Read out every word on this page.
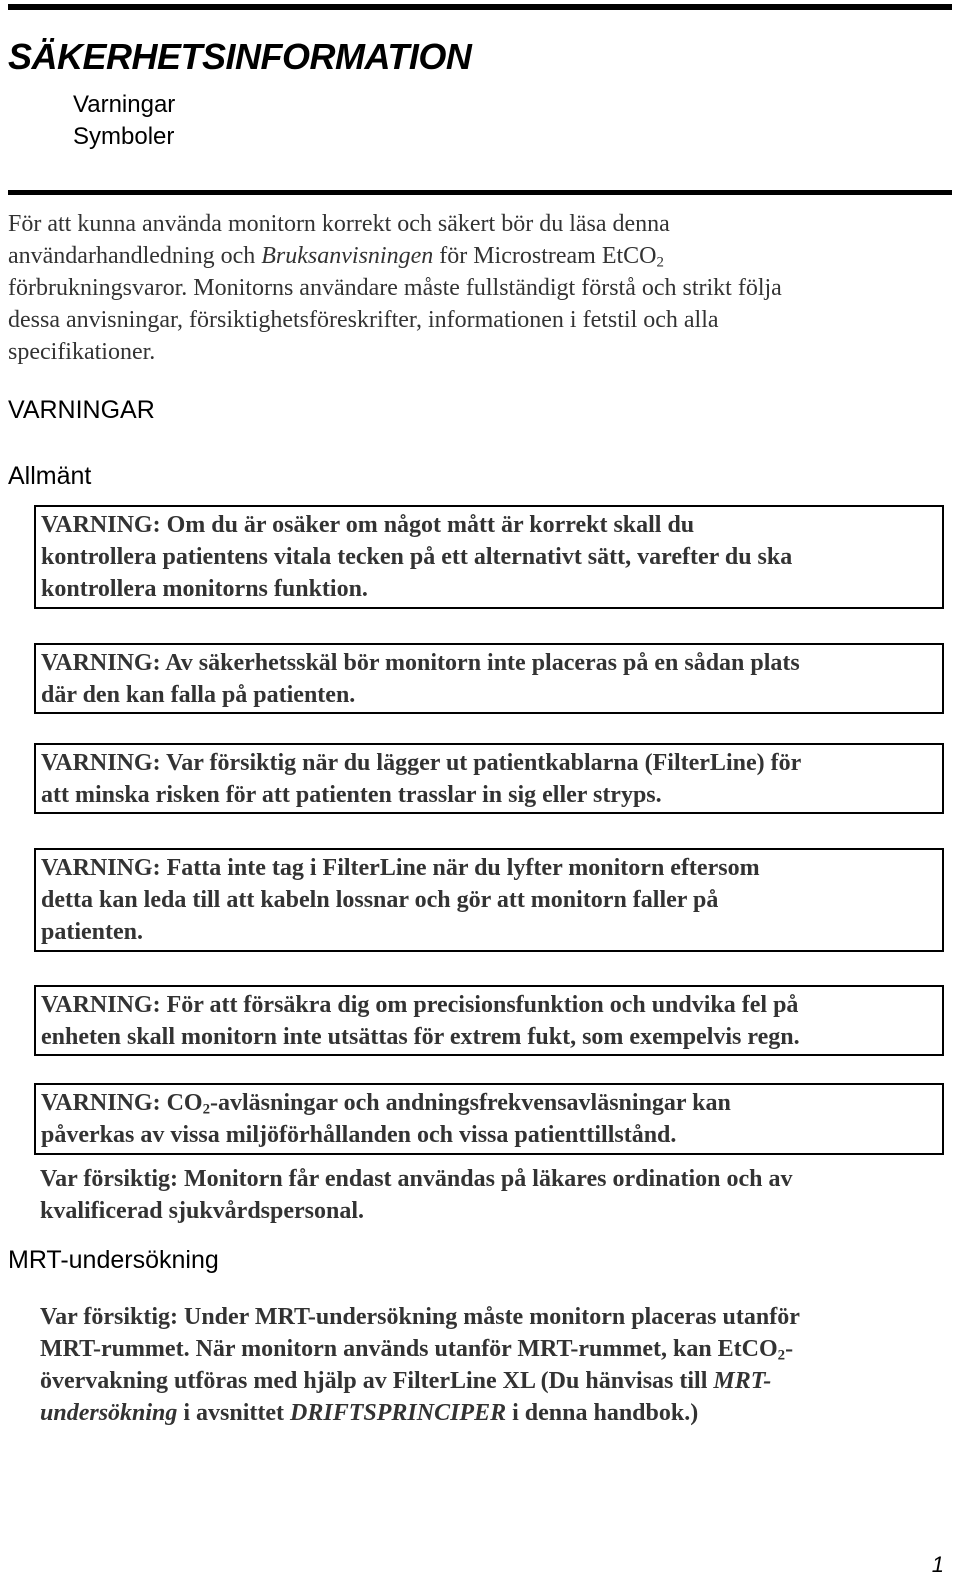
SÄKERHETSINFORMATION
Varningar
Symboler
För att kunna använda monitorn korrekt och säkert bör du läsa denna
användarhandledning och Bruksanvisningen för Microstream EtCO$_2$
förbrukningsvaror. Monitorns användare måste fullständigt förstå och strikt följa
dessa anvisningar, försiktighetsföreskrifter, informationen i fetstil och alla
specifikationer.
VARNINGAR
Allmänt
VARNING: Om du är osäker om något mått är korrekt skall du
kontrollera patientens vitala tecken på ett alternativt sätt, varefter du ska
kontrollera monitorns funktion.
VARNING: Av säkerhetsskäl bör monitorn inte placeras på en sådan plats
där den kan falla på patienten.
VARNING: Var försiktig när du lägger ut patientkablarna (FilterLine) för
att minska risken för att patienten trasslar in sig eller stryps.
VARNING: Fatta inte tag i FilterLine när du lyfter monitorn eftersom
detta kan leda till att kabeln lossnar och gör att monitorn faller på
patienten.
VARNING: För att försäkra dig om precisionsfunktion och undvika fel på
enheten skall monitorn inte utsättas för extrem fukt, som exempelvis regn.
VARNING: $CO_2$-avläsningar och andningsfrekvensavläsningar kan
påverkas av vissa miljöförhållanden och vissa patienttillstånd.
Var försiktig: Monitorn får endast användas på läkares ordination och av
kvalificerad sjukvårdspersonal.
MRT-undersökning
Var försiktig: Under MRT-undersökning måste monitorn placeras utanför
MRT-rummet. När monitorn används utanför MRT-rummet, kan EtCO$_2$-
övervakning utföras med hjälp av FilterLine XL (Du hänvisas till MRT-
undersökning i avsnittet DRIFTSPRINCIPER i denna handbok.)
1
